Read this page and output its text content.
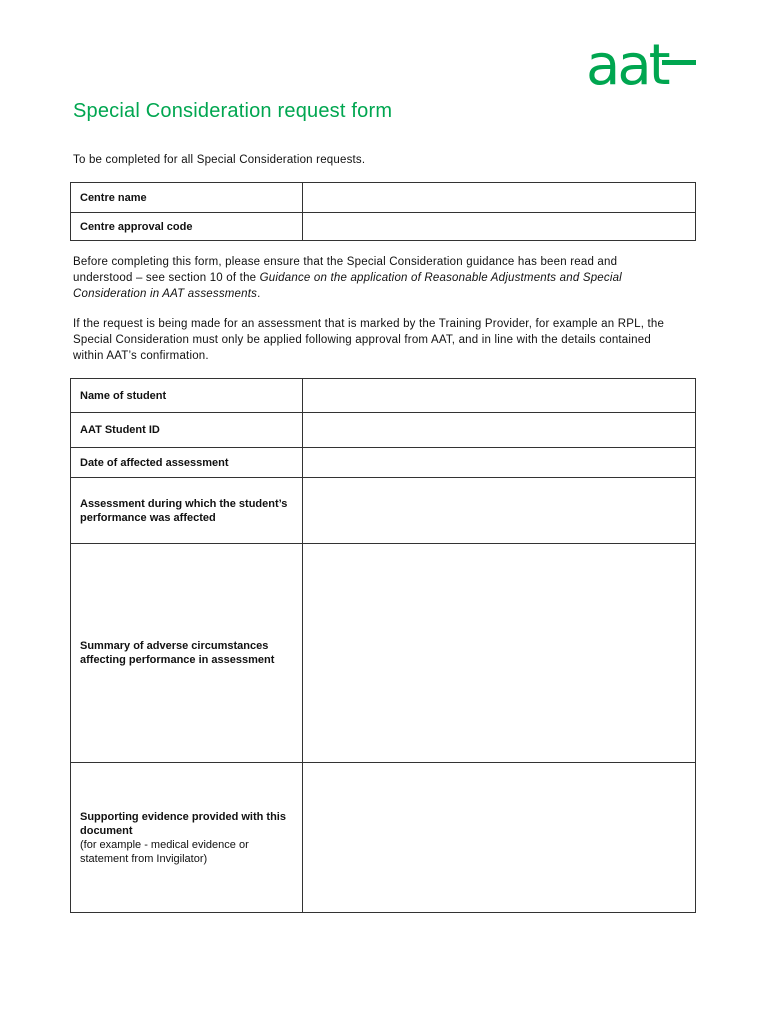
aat
Special Consideration request form

To be completed for all Special Consideration requests.

Centre name	
Centre approval code	

Before completing this form, please ensure that the Special Consideration guidance has been read and understood – see section 10 of the Guidance on the application of Reasonable Adjustments and Special Consideration in AAT assessments.

If the request is being made for an assessment that is marked by the Training Provider, for example an RPL, the Special Consideration must only be applied following approval from AAT, and in line with the details contained within AAT’s confirmation.

Name of student	
AAT Student ID	
Date of affected assessment	
Assessment during which the student’s performance was affected	
Summary of adverse circumstances affecting performance in assessment	
Supporting evidence provided with this document
(for example - medical evidence or statement from Invigilator)	
